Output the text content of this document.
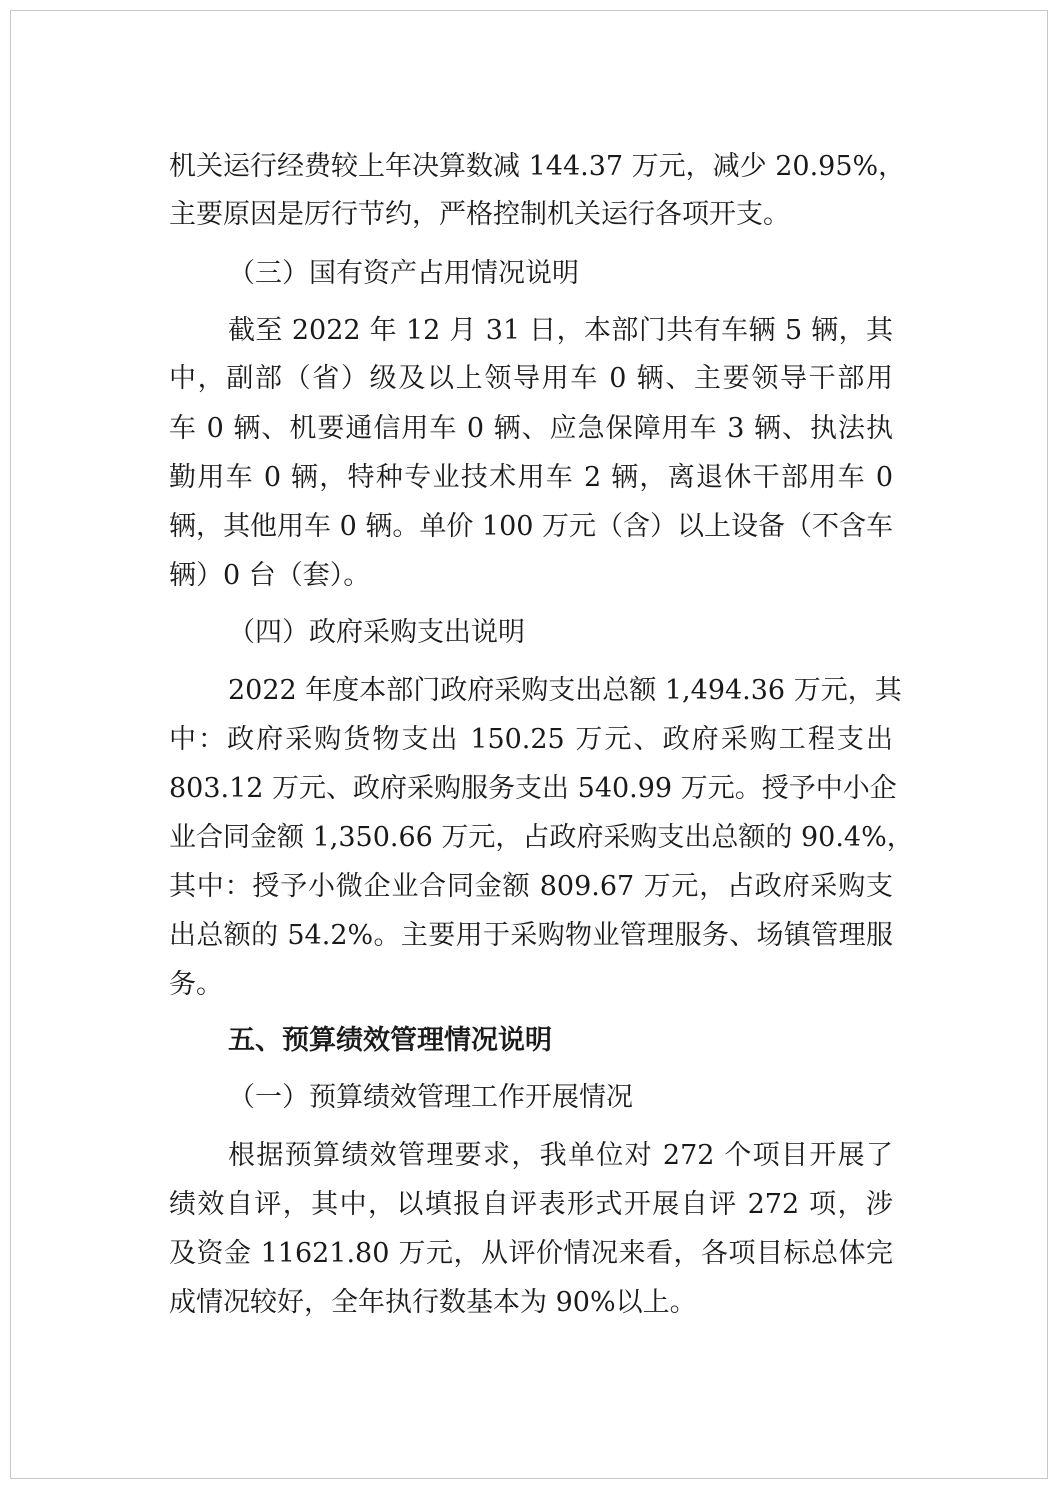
机关运行经费较上年决算数减 144.37 万元，减少 20.95%，
主要原因是厉行节约，严格控制机关运行各项开支。
（三）国有资产占用情况说明
截至 2022 年 12 月 31 日，本部门共有车辆 5 辆，其
中，副部（省）级及以上领导用车 0 辆、主要领导干部用
车 0 辆、机要通信用车 0 辆、应急保障用车 3 辆、执法执
勤用车 0 辆，特种专业技术用车 2 辆，离退休干部用车 0
辆，其他用车 0 辆。单价 100 万元（含）以上设备（不含车
辆）0 台（套）。
（四）政府采购支出说明
2022 年度本部门政府采购支出总额 1,494.36 万元，其
中：政府采购货物支出 150.25 万元、政府采购工程支出
803.12 万元、政府采购服务支出 540.99 万元。授予中小企
业合同金额 1,350.66 万元，占政府采购支出总额的 90.4%，
其中：授予小微企业合同金额 809.67 万元，占政府采购支
出总额的 54.2%。主要用于采购物业管理服务、场镇管理服
务。
五、预算绩效管理情况说明
（一）预算绩效管理工作开展情况
根据预算绩效管理要求，我单位对 272 个项目开展了
绩效自评，其中，以填报自评表形式开展自评 272 项，涉
及资金 11621.80 万元，从评价情况来看，各项目标总体完
成情况较好，全年执行数基本为 90%以上。
